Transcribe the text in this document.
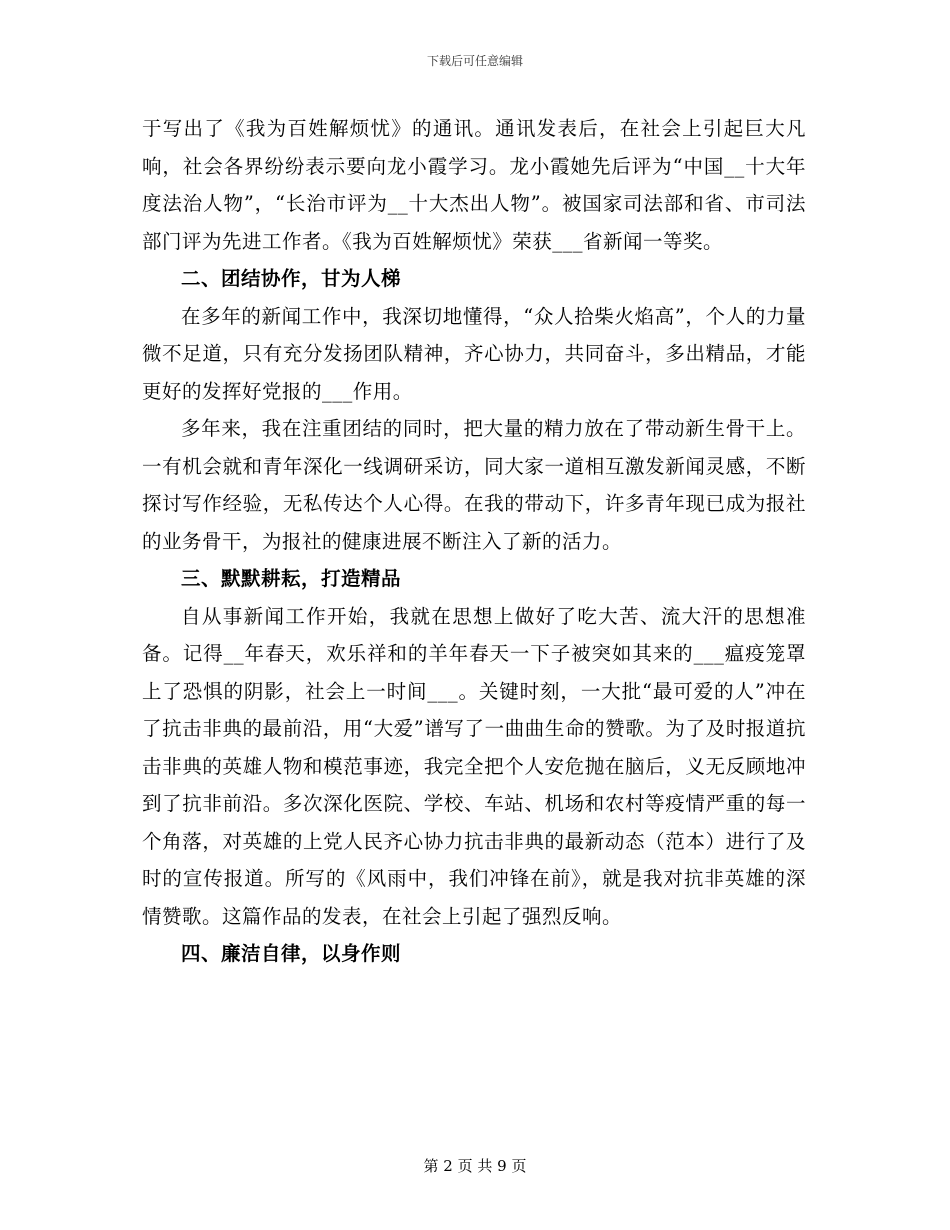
下载后可任意编辑

于写出了《我为百姓解烦忧》的通讯。通讯发表后，在社会上引起巨大凡响，社会各界纷纷表示要向龙小霞学习。龙小霞她先后评为“中国__十大年度法治人物”，“长治市评为__十大杰出人物”。被国家司法部和省、市司法部门评为先进工作者。《我为百姓解烦忧》荣获___省新闻一等奖。

二、团结协作，甘为人梯

在多年的新闻工作中，我深切地懂得，“众人拾柴火焰高”，个人的力量微不足道，只有充分发扬团队精神，齐心协力，共同奋斗，多出精品，才能更好的发挥好党报的___作用。

多年来，我在注重团结的同时，把大量的精力放在了带动新生骨干上。一有机会就和青年深化一线调研采访，同大家一道相互激发新闻灵感，不断探讨写作经验，无私传达个人心得。在我的带动下，许多青年现已成为报社的业务骨干，为报社的健康进展不断注入了新的活力。

三、默默耕耘，打造精品

自从事新闻工作开始，我就在思想上做好了吃大苦、流大汗的思想准备。记得__年春天，欢乐祥和的羊年春天一下子被突如其来的___瘟疫笼罩上了恐惧的阴影，社会上一时间___。关键时刻，一大批“最可爱的人”冲在了抗击非典的最前沿，用“大爱”谱写了一曲曲生命的赞歌。为了及时报道抗击非典的英雄人物和模范事迹，我完全把个人安危抛在脑后，义无反顾地冲到了抗非前沿。多次深化医院、学校、车站、机场和农村等疫情严重的每一个角落，对英雄的上党人民齐心协力抗击非典的最新动态（范本）进行了及时的宣传报道。所写的《风雨中，我们冲锋在前》，就是我对抗非英雄的深情赞歌。这篇作品的发表，在社会上引起了强烈反响。

四、廉洁自律，以身作则

第 2 页 共 9 页
